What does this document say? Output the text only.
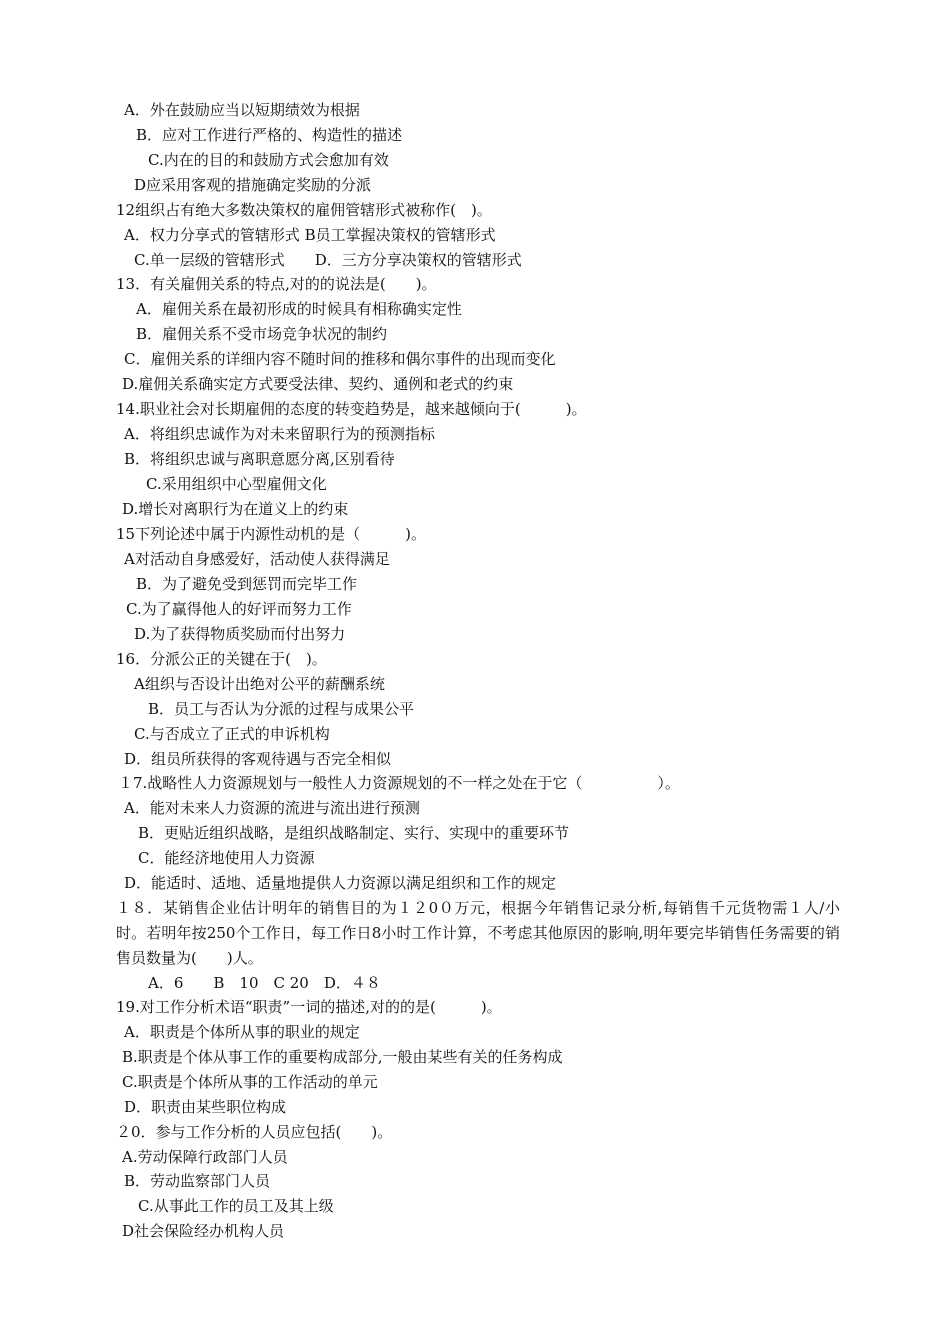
A．外在鼓励应当以短期绩效为根据
B．应对工作进行严格的、构造性的描述
C.内在的目的和鼓励方式会愈加有效
D应采用客观的措施确定奖励的分派
12组织占有绝大多数决策权的雇佣管辖形式被称作(　)。
A．权力分享式的管辖形式 B员工掌握决策权的管辖形式
C.单一层级的管辖形式　　D．三方分享决策权的管辖形式
13．有关雇佣关系的特点,对的的说法是(　　)。
A．雇佣关系在最初形成的时候具有相称确实定性
B．雇佣关系不受市场竞争状况的制约
C．雇佣关系的详细内容不随时间的推移和偶尔事件的出现而变化
D.雇佣关系确实定方式要受法律、契约、通例和老式的约束
14.职业社会对长期雇佣的态度的转变趋势是，越来越倾向于(　　　)。
A．将组织忠诚作为对未来留职行为的预测指标
B．将组织忠诚与离职意愿分离,区别看待
C.采用组织中心型雇佣文化
D.增长对离职行为在道义上的约束
15下列论述中属于内源性动机的是（　　　)。
A对活动自身感爱好，活动使人获得满足
B．为了避免受到惩罚而完毕工作
C.为了赢得他人的好评而努力工作
D.为了获得物质奖励而付出努力
16．分派公正的关键在于(　)。
A组织与否设计出绝对公平的薪酬系统
B．员工与否认为分派的过程与成果公平
C.与否成立了正式的申诉机构
D．组员所获得的客观待遇与否完全相似
１7.战略性人力资源规划与一般性人力资源规划的不一样之处在于它（　　　　　）。
A．能对未来人力资源的流进与流出进行预测
B．更贴近组织战略，是组织战略制定、实行、实现中的重要环节
C．能经济地使用人力资源
D．能适时、适地、适量地提供人力资源以满足组织和工作的规定
１８．某销售企业估计明年的销售目的为１２0０万元，根据今年销售记录分析,每销售千元货物需１人/小时。若明年按250个工作日，每工作日8小时工作计算，不考虑其他原因的影响,明年要完毕销售任务需要的销售员数量为(　　)人。
A．6　　B　10　C 20　D．４８
19.对工作分析术语“职责”一词的描述,对的的是(　　　)。
A．职责是个体所从事的职业的规定
B.职责是个体从事工作的重要构成部分,一般由某些有关的任务构成
C.职责是个体所从事的工作活动的单元
D．职责由某些职位构成
２0．参与工作分析的人员应包括(　　)。
A.劳动保障行政部门人员
B．劳动监察部门人员
C.从事此工作的员工及其上级
D社会保险经办机构人员
